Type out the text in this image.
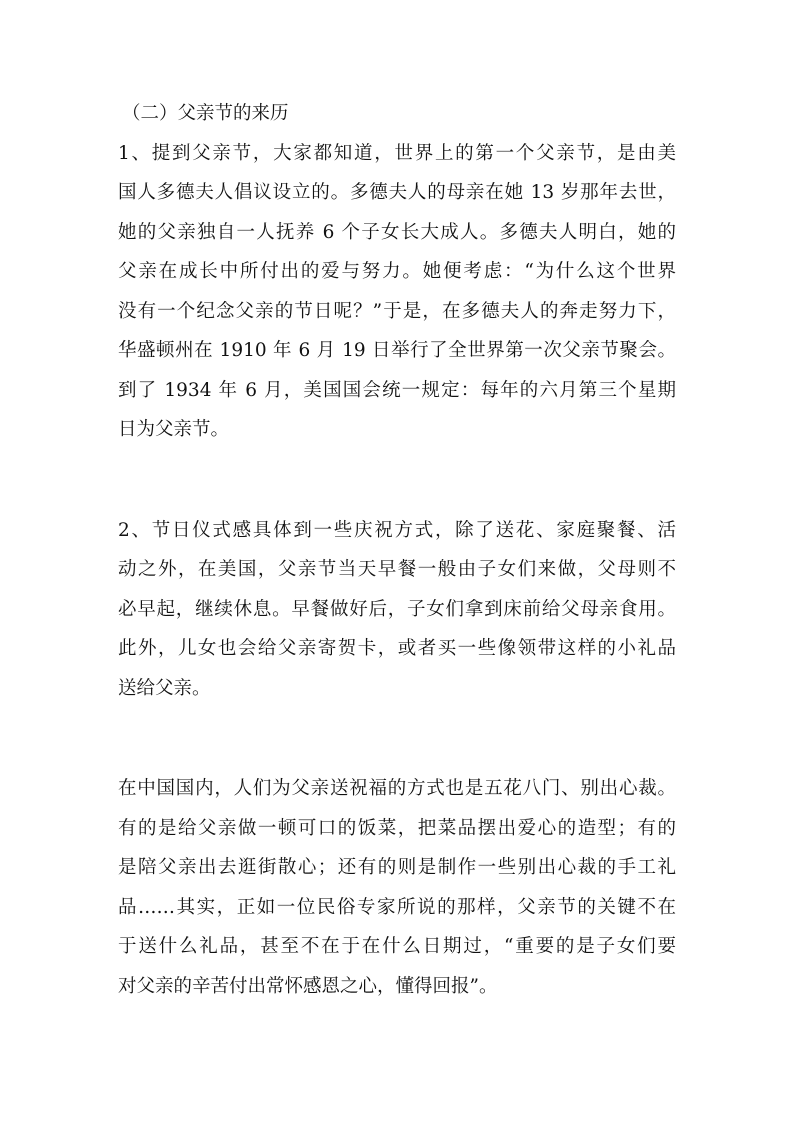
（二）父亲节的来历
1、提到父亲节，大家都知道，世界上的第一个父亲节，是由美
国人多德夫人倡议设立的。多德夫人的母亲在她 13 岁那年去世，
她的父亲独自一人抚养 6 个子女长大成人。多德夫人明白，她的
父亲在成长中所付出的爱与努力。她便考虑：“为什么这个世界
没有一个纪念父亲的节日呢？”于是，在多德夫人的奔走努力下，
华盛顿州在 1910 年 6 月 19 日举行了全世界第一次父亲节聚会。
到了 1934 年 6 月，美国国会统一规定：每年的六月第三个星期
日为父亲节。
2、节日仪式感具体到一些庆祝方式，除了送花、家庭聚餐、活
动之外，在美国，父亲节当天早餐一般由子女们来做，父母则不
必早起，继续休息。早餐做好后，子女们拿到床前给父母亲食用。
此外，儿女也会给父亲寄贺卡，或者买一些像领带这样的小礼品
送给父亲。
在中国国内，人们为父亲送祝福的方式也是五花八门、别出心裁。
有的是给父亲做一顿可口的饭菜，把菜品摆出爱心的造型；有的
是陪父亲出去逛街散心；还有的则是制作一些别出心裁的手工礼
品……其实，正如一位民俗专家所说的那样，父亲节的关键不在
于送什么礼品，甚至不在于在什么日期过，“重要的是子女们要
对父亲的辛苦付出常怀感恩之心，懂得回报”。
